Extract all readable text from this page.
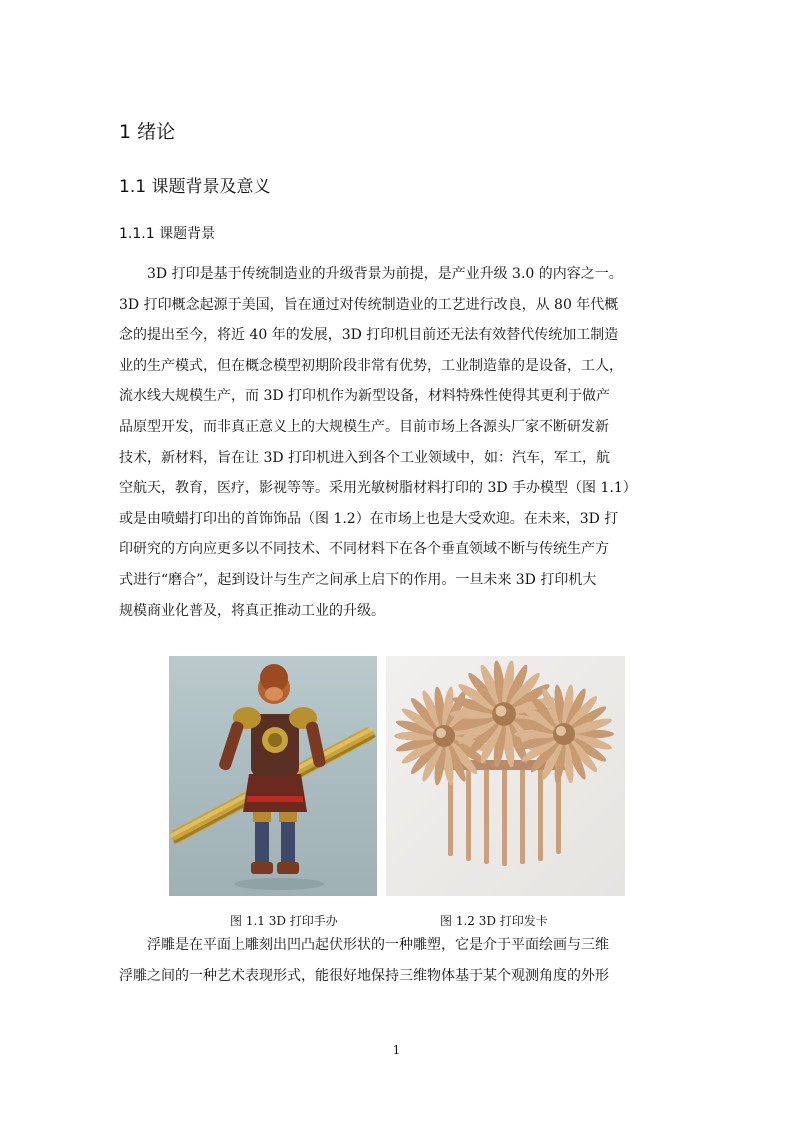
1 绪论
1.1 课题背景及意义
1.1.1 课题背景
3D 打印是基于传统制造业的升级背景为前提，是产业升级 3.0 的内容之一。
3D 打印概念起源于美国，旨在通过对传统制造业的工艺进行改良，从 80 年代概
念的提出至今，将近 40 年的发展，3D 打印机目前还无法有效替代传统加工制造
业的生产模式，但在概念模型初期阶段非常有优势，工业制造靠的是设备，工人，
流水线大规模生产，而 3D 打印机作为新型设备，材料特殊性使得其更利于做产
品原型开发，而非真正意义上的大规模生产。目前市场上各源头厂家不断研发新
技术，新材料，旨在让 3D 打印机进入到各个工业领域中，如：汽车，军工，航
空航天，教育，医疗，影视等等。采用光敏树脂材料打印的 3D 手办模型（图 1.1）
或是由喷蜡打印出的首饰饰品（图 1.2）在市场上也是大受欢迎。在未来，3D 打
印研究的方向应更多以不同技术、不同材料下在各个垂直领域不断与传统生产方
式进行“磨合”，起到设计与生产之间承上启下的作用。一旦未来 3D 打印机大
规模商业化普及，将真正推动工业的升级。
图 1.1 3D 打印手办	图 1.2 3D 打印发卡
浮雕是在平面上雕刻出凹凸起伏形状的一种雕塑，它是介于平面绘画与三维
浮雕之间的一种艺术表现形式，能很好地保持三维物体基于某个观测角度的外形
1
